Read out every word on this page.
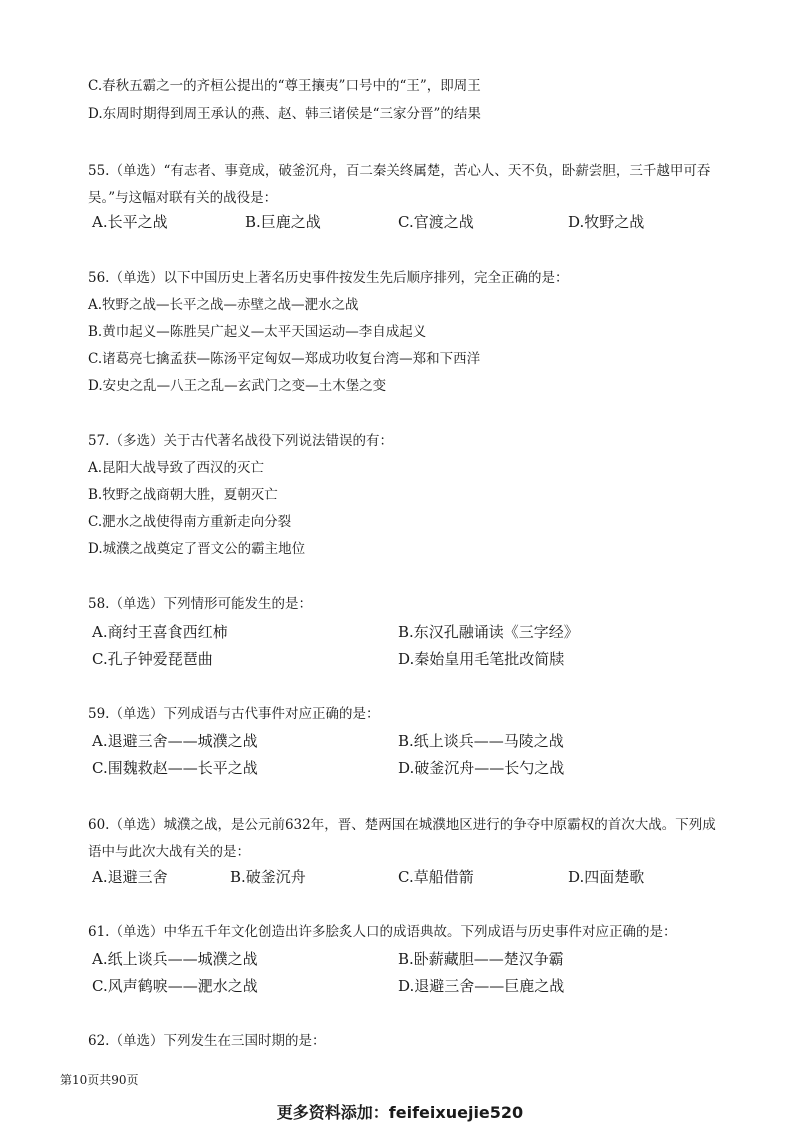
C.春秋五霸之一的齐桓公提出的“尊王攘夷”口号中的“王”，即周王
D.东周时期得到周王承认的燕、赵、韩三诸侯是“三家分晋”的结果
55.（单选）“有志者、事竟成，破釜沉舟，百二秦关终属楚，苦心人、天不负，卧薪尝胆，三千越甲可吞吴。”与这幅对联有关的战役是：
A.长平之战	B.巨鹿之战	C.官渡之战	D.牧野之战
56.（单选）以下中国历史上著名历史事件按发生先后顺序排列，完全正确的是：
A.牧野之战—长平之战—赤壁之战—淝水之战
B.黄巾起义—陈胜吴广起义—太平天国运动—李自成起义
C.诸葛亮七擒孟获—陈汤平定匈奴—郑成功收复台湾—郑和下西洋
D.安史之乱—八王之乱—玄武门之变—土木堡之变
57.（多选）关于古代著名战役下列说法错误的有：
A.昆阳大战导致了西汉的灭亡
B.牧野之战商朝大胜，夏朝灭亡
C.淝水之战使得南方重新走向分裂
D.城濮之战奠定了晋文公的霸主地位
58.（单选）下列情形可能发生的是：
A.商纣王喜食西红柿	B.东汉孔融诵读《三字经》
C.孔子钟爱琵琶曲	D.秦始皇用毛笔批改简牍
59.（单选）下列成语与古代事件对应正确的是：
A.退避三舍——城濮之战	B.纸上谈兵——马陵之战
C.围魏救赵——长平之战	D.破釜沉舟——长勺之战
60.（单选）城濮之战，是公元前632年，晋、楚两国在城濮地区进行的争夺中原霸权的首次大战。下列成语中与此次大战有关的是：
A.退避三舍	B.破釜沉舟	C.草船借箭	D.四面楚歌
61.（单选）中华五千年文化创造出许多脍炙人口的成语典故。下列成语与历史事件对应正确的是：
A.纸上谈兵——城濮之战	B.卧薪藏胆——楚汉争霸
C.风声鹤唳——淝水之战	D.退避三舍——巨鹿之战
62.（单选）下列发生在三国时期的是：
第10页共90页
更多资料添加：feifeixuejie520
